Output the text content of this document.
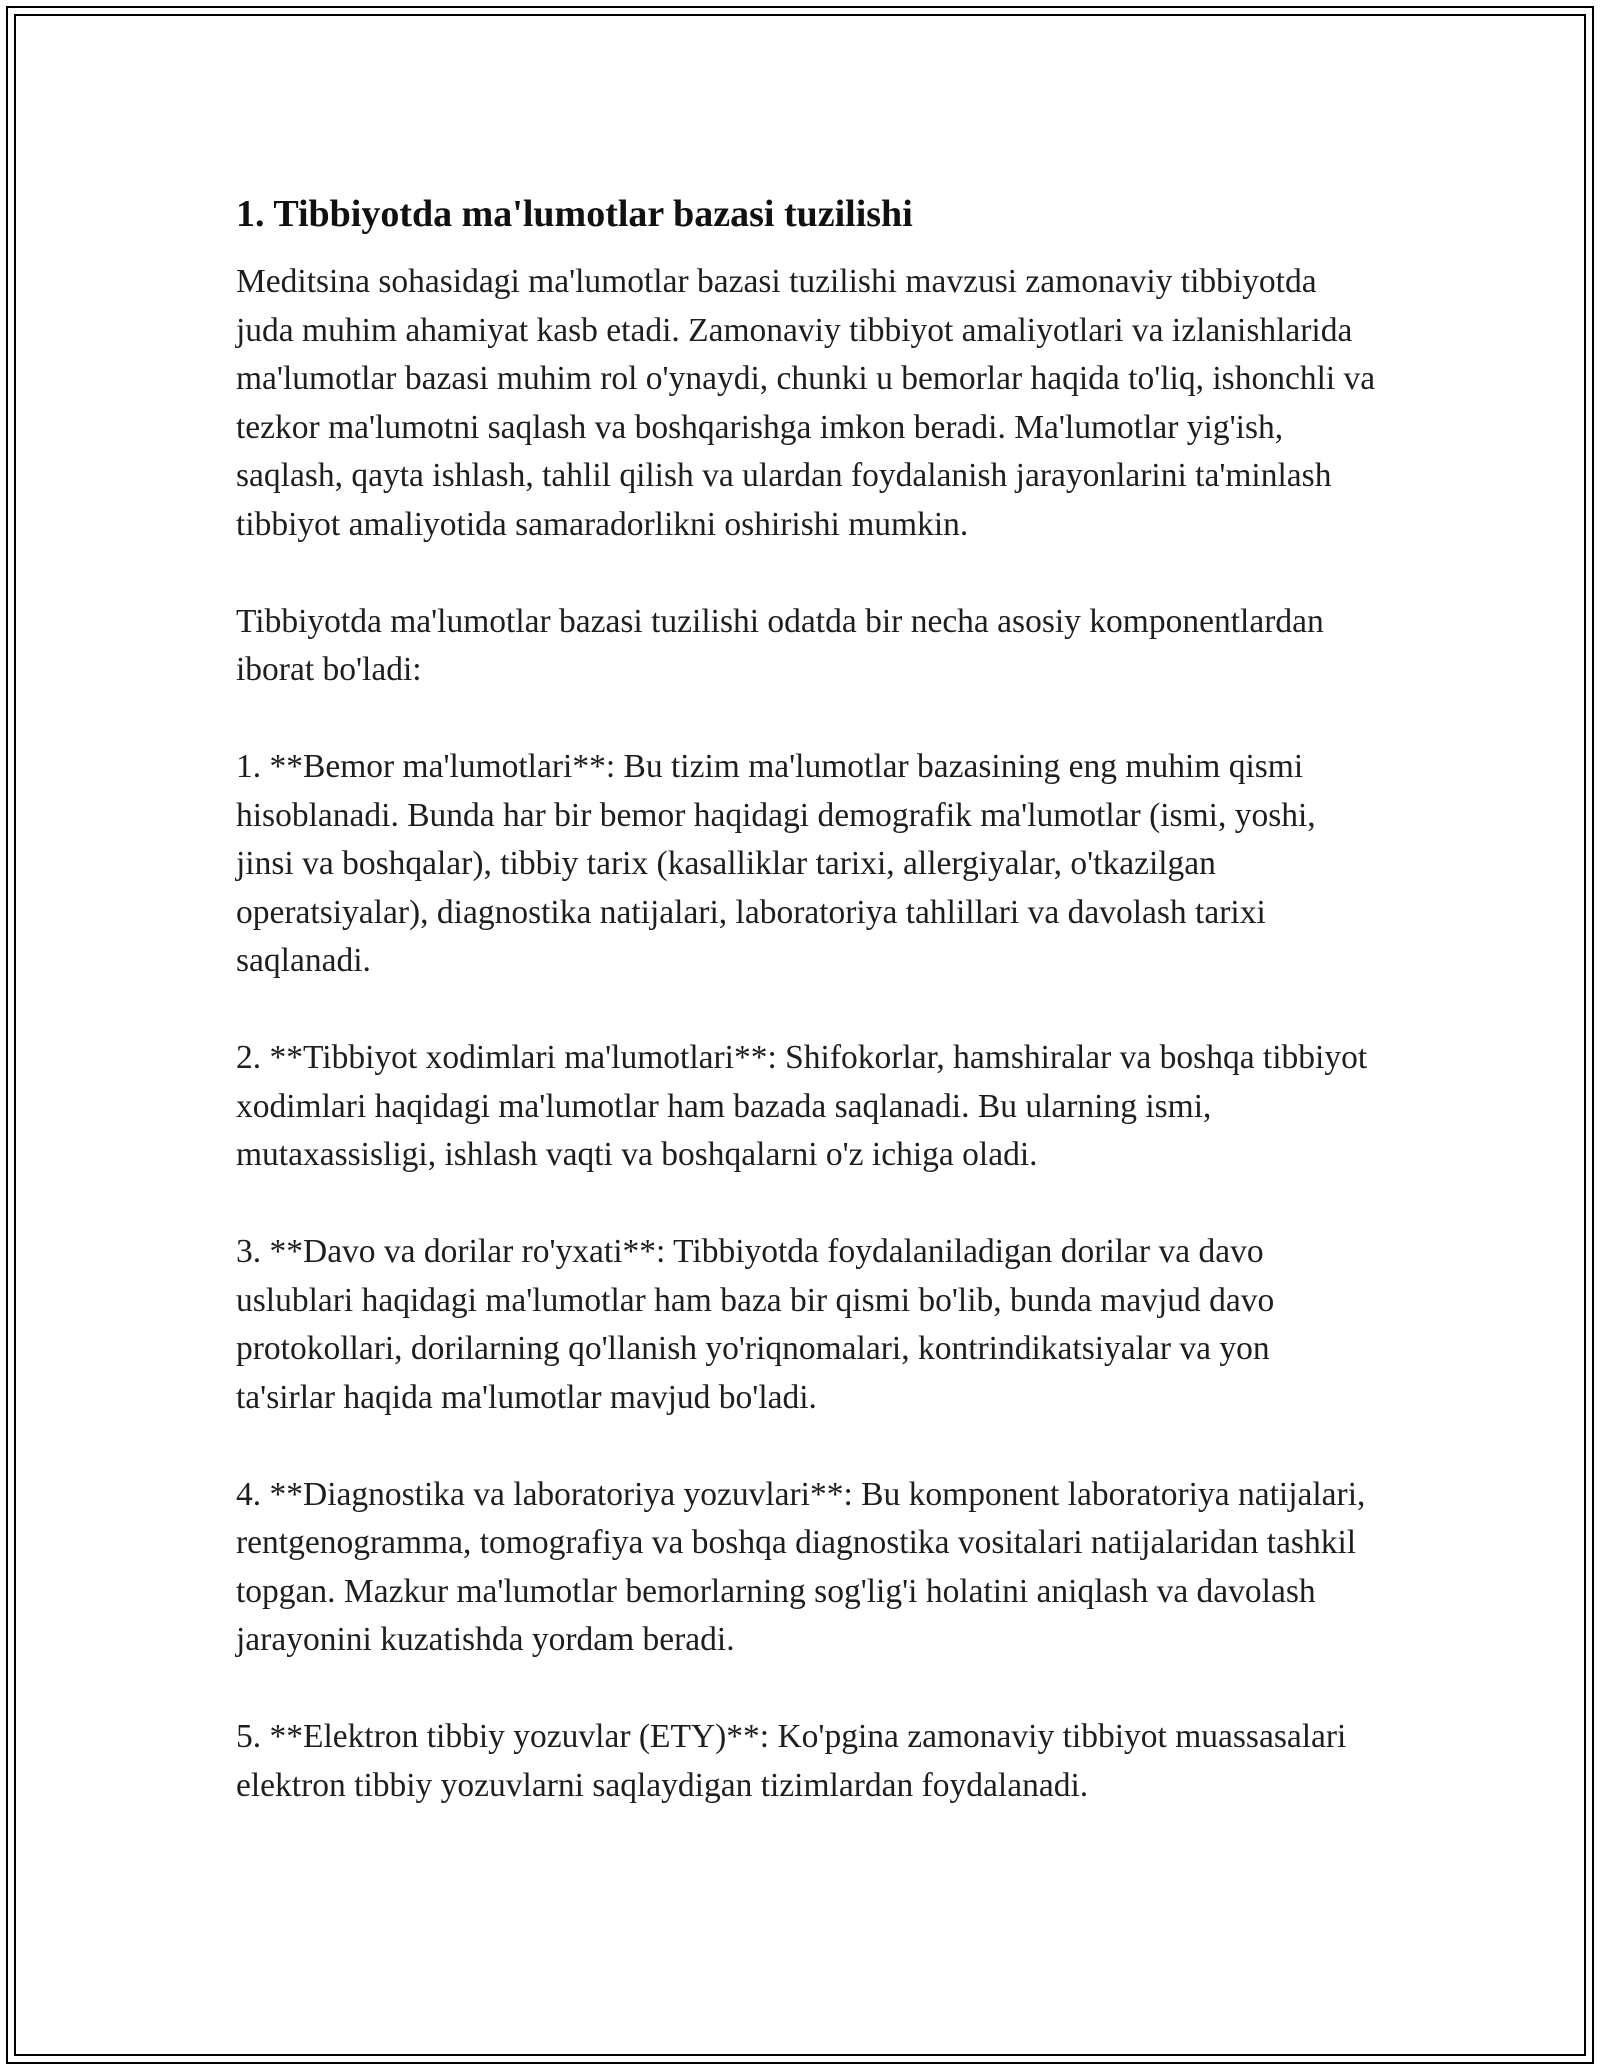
1. Tibbiyotda ma'lumotlar bazasi tuzilishi

Meditsina sohasidagi ma'lumotlar bazasi tuzilishi mavzusi zamonaviy tibbiyotda juda muhim ahamiyat kasb etadi. Zamonaviy tibbiyot amaliyotlari va izlanishlarida ma'lumotlar bazasi muhim rol o'ynaydi, chunki u bemorlar haqida to'liq, ishonchli va tezkor ma'lumotni saqlash va boshqarishga imkon beradi. Ma'lumotlar yig'ish, saqlash, qayta ishlash, tahlil qilish va ulardan foydalanish jarayonlarini ta'minlash tibbiyot amaliyotida samaradorlikni oshirishi mumkin.

Tibbiyotda ma'lumotlar bazasi tuzilishi odatda bir necha asosiy komponentlardan iborat bo'ladi:

1. **Bemor ma'lumotlari**: Bu tizim ma'lumotlar bazasining eng muhim qismi hisoblanadi. Bunda har bir bemor haqidagi demografik ma'lumotlar (ismi, yoshi, jinsi va boshqalar), tibbiy tarix (kasalliklar tarixi, allergiyalar, o'tkazilgan operatsiyalar), diagnostika natijalari, laboratoriya tahlillari va davolash tarixi saqlanadi.

2. **Tibbiyot xodimlari ma'lumotlari**: Shifokorlar, hamshiralar va boshqa tibbiyot xodimlari haqidagi ma'lumotlar ham bazada saqlanadi. Bu ularning ismi, mutaxassisligi, ishlash vaqti va boshqalarni o'z ichiga oladi.

3. **Davo va dorilar ro'yxati**: Tibbiyotda foydalaniladigan dorilar va davo uslublari haqidagi ma'lumotlar ham baza bir qismi bo'lib, bunda mavjud davo protokollari, dorilarning qo'llanish yo'riqnomalari, kontrindikatsiyalar va yon ta'sirlar haqida ma'lumotlar mavjud bo'ladi.

4. **Diagnostika va laboratoriya yozuvlari**: Bu komponent laboratoriya natijalari, rentgenogramma, tomografiya va boshqa diagnostika vositalari natijalaridan tashkil topgan. Mazkur ma'lumotlar bemorlarning sog'lig'i holatini aniqlash va davolash jarayonini kuzatishda yordam beradi.

5. **Elektron tibbiy yozuvlar (ETY)**: Ko'pgina zamonaviy tibbiyot muassasalari elektron tibbiy yozuvlarni saqlaydigan tizimlardan foydalanadi.
